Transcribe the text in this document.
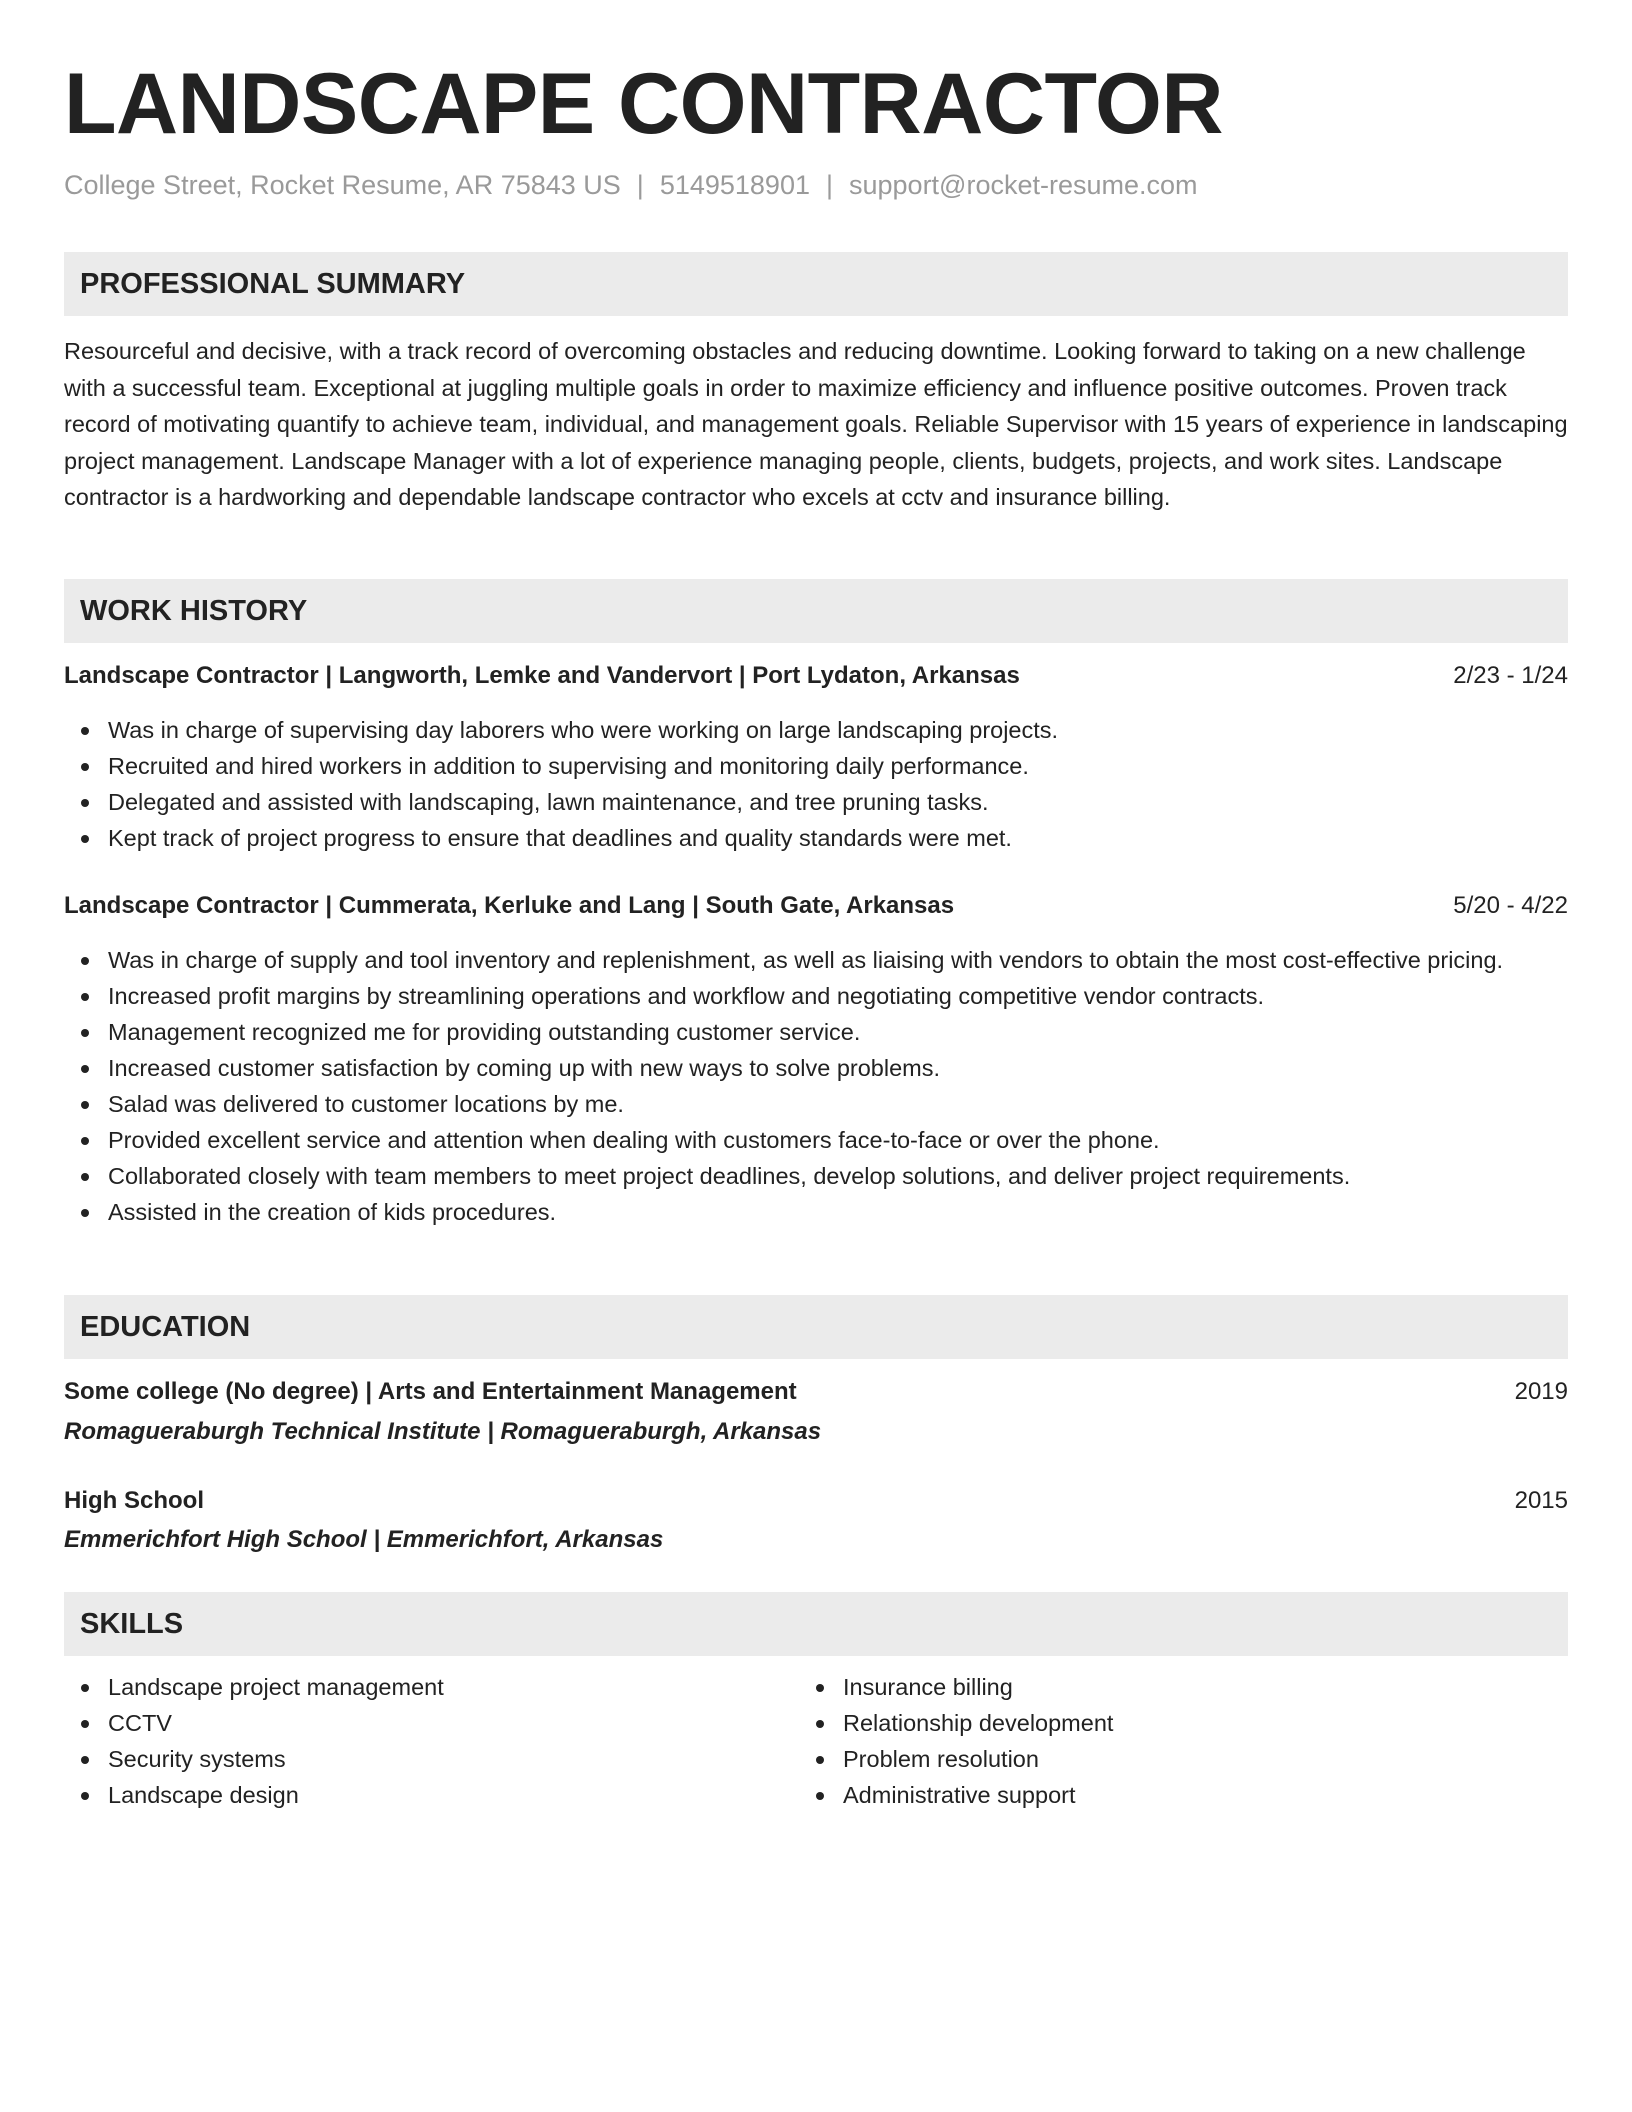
LANDSCAPE CONTRACTOR
College Street, Rocket Resume, AR 75843 US | 5149518901 | support@rocket-resume.com
PROFESSIONAL SUMMARY
Resourceful and decisive, with a track record of overcoming obstacles and reducing downtime. Looking forward to taking on a new challenge with a successful team. Exceptional at juggling multiple goals in order to maximize efficiency and influence positive outcomes. Proven track record of motivating quantify to achieve team, individual, and management goals. Reliable Supervisor with 15 years of experience in landscaping project management. Landscape Manager with a lot of experience managing people, clients, budgets, projects, and work sites. Landscape contractor is a hardworking and dependable landscape contractor who excels at cctv and insurance billing.
WORK HISTORY
Landscape Contractor | Langworth, Lemke and Vandervort | Port Lydaton, Arkansas	2/23 - 1/24
Was in charge of supervising day laborers who were working on large landscaping projects.
Recruited and hired workers in addition to supervising and monitoring daily performance.
Delegated and assisted with landscaping, lawn maintenance, and tree pruning tasks.
Kept track of project progress to ensure that deadlines and quality standards were met.
Landscape Contractor | Cummerata, Kerluke and Lang | South Gate, Arkansas	5/20 - 4/22
Was in charge of supply and tool inventory and replenishment, as well as liaising with vendors to obtain the most cost-effective pricing.
Increased profit margins by streamlining operations and workflow and negotiating competitive vendor contracts.
Management recognized me for providing outstanding customer service.
Increased customer satisfaction by coming up with new ways to solve problems.
Salad was delivered to customer locations by me.
Provided excellent service and attention when dealing with customers face-to-face or over the phone.
Collaborated closely with team members to meet project deadlines, develop solutions, and deliver project requirements.
Assisted in the creation of kids procedures.
EDUCATION
Some college (No degree) | Arts and Entertainment Management	2019
Romagueraburgh Technical Institute | Romagueraburgh, Arkansas
High School	2015
Emmerichfort High School | Emmerichfort, Arkansas
SKILLS
Landscape project management
CCTV
Security systems
Landscape design
Insurance billing
Relationship development
Problem resolution
Administrative support
